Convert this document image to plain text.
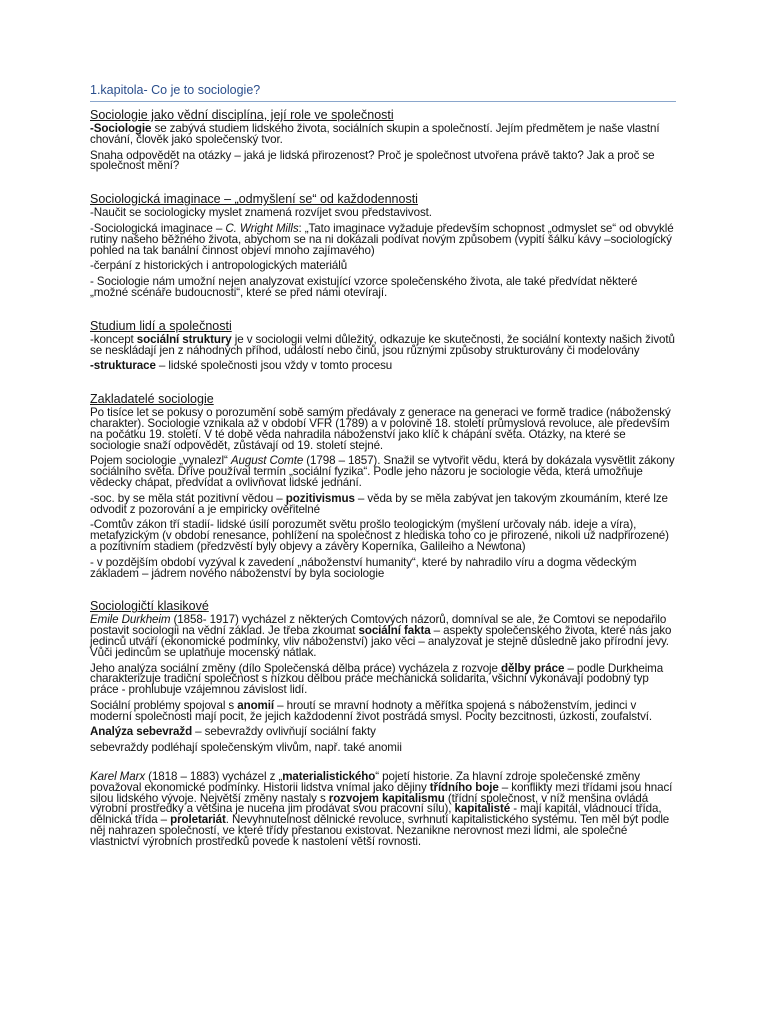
1.kapitola- Co je to sociologie?
Sociologie jako vědní disciplína, její role ve společnosti

-Sociologie se zabývá studiem lidského života, sociálních skupin a společností. Jejím předmětem je naše vlastní chování, člověk jako společenský tvor.

Snaha odpovědět na otázky – jaká je lidská přirozenost? Proč je společnost utvořena právě takto? Jak a proč se společnost mění?

Sociologická imaginace – „odmyšlení se“ od každodennosti

-Naučit se sociologicky myslet znamená rozvíjet svou představivost.

-Sociologická imaginace – C. Wright Mills: „Tato imaginace vyžaduje především schopnost „odmyslet se“ od obvyklé rutiny našeho běžného života, abychom se na ni dokázali podívat novým způsobem (vypití šálku kávy –sociologický pohled na tak banální činnost objeví mnoho zajímavého)

-čerpání z historických i antropologických materiálů

- Sociologie nám umožní nejen analyzovat existující vzorce společenského života, ale také předvídat některé „možné scénáře budoucnosti“, které se před námi otevírají.

Studium lidí a společnosti

-koncept sociální struktury je v sociologii velmi důležitý, odkazuje ke skutečnosti, že sociální kontexty našich životů se neskládají jen z náhodných příhod, událostí nebo činů, jsou různými způsoby strukturovány či modelovány

-strukturace – lidské společnosti jsou vždy v tomto procesu

Zakladatelé sociologie

Po tisíce let se pokusy o porozumění sobě samým předávaly z generace na generaci ve formě tradice (náboženský charakter). Sociologie vznikala až v období VFR (1789) a v polovině 18. století průmyslová revoluce, ale především na počátku 19. století. V té době věda nahradila náboženství jako klíč k chápání světa. Otázky, na které se sociologie snaží odpovědět, zůstávají od 19. století stejné.

Pojem sociologie „vynalezl“ August Comte (1798 – 1857). Snažil se vytvořit vědu, která by dokázala vysvětlit zákony sociálního světa. Dříve používal termín „sociální fyzika“. Podle jeho názoru je sociologie věda, která umožňuje vědecky chápat, předvídat a ovlivňovat lidské jednání.

-soc. by se měla stát pozitivní vědou – pozitivismus – věda by se měla zabývat jen takovým zkoumáním, které lze odvodit z pozorování a je empiricky ověřitelné

-Comtův zákon tří stadií- lidské úsilí porozumět světu prošlo teologickým (myšlení určovaly náb. ideje a víra), metafyzickým (v období renesance, pohlížení na společnost z hlediska toho co je přirozené, nikoli už nadpřirozené) a pozitivním stadiem (předzvěstí byly objevy a závěry Koperníka, Galileiho a Newtona)

- v pozdějším období vyzýval k zavedení „náboženství humanity“, které by nahradilo víru a dogma vědeckým základem – jádrem nového náboženství by byla sociologie

Sociologičtí klasikové

Emile Durkheim (1858- 1917) vycházel z některých Comtových názorů, domníval se ale, že Comtovi se nepodařilo postavit sociologii na vědní základ. Je třeba zkoumat sociální fakta – aspekty společenského života, které nás jako jedinců utváří (ekonomické podmínky, vliv náboženství) jako věci – analyzovat je stejně důsledně jako přírodní jevy. Vůči jedincům se uplatňuje mocenský nátlak.

Jeho analýza sociální změny (dílo Společenská dělba práce) vycházela z rozvoje dělby práce – podle Durkheima charakterizuje tradiční společnost s nízkou dělbou práce mechanická solidarita, všichni vykonávají podobný typ práce - prohlubuje vzájemnou závislost lidí.

Sociální problémy spojoval s anomií – hroutí se mravní hodnoty a měřítka spojená s náboženstvím, jedinci v moderní společnosti mají pocit, že jejich každodenní život postrádá smysl. Pocity bezcitnosti, úzkosti, zoufalství.

Analýza sebevražd – sebevraždy ovlivňují sociální fakty

sebevraždy podléhají společenským vlivům, např. také anomii

Karel Marx (1818 – 1883) vycházel z „materialistického“ pojetí historie. Za hlavní zdroje společenské změny považoval ekonomické podmínky. Historii lidstva vnímal jako dějiny třídního boje – konflikty mezi třídami jsou hnací silou lidského vývoje. Největší změny nastaly s rozvojem kapitalismu (třídní společnost, v níž menšina ovládá výrobní prostředky a většina je nucena jim prodávat svou pracovní sílu), kapitalisté - mají kapitál, vládnoucí třída, dělnická třída – proletariát. Nevyhnutelnost dělnické revoluce, svrhnutí kapitalistického systému. Ten měl být podle něj nahrazen společností, ve které třídy přestanou existovat. Nezanikne nerovnost mezi lidmi, ale společné vlastnictví výrobních prostředků povede k nastolení větší rovnosti.
